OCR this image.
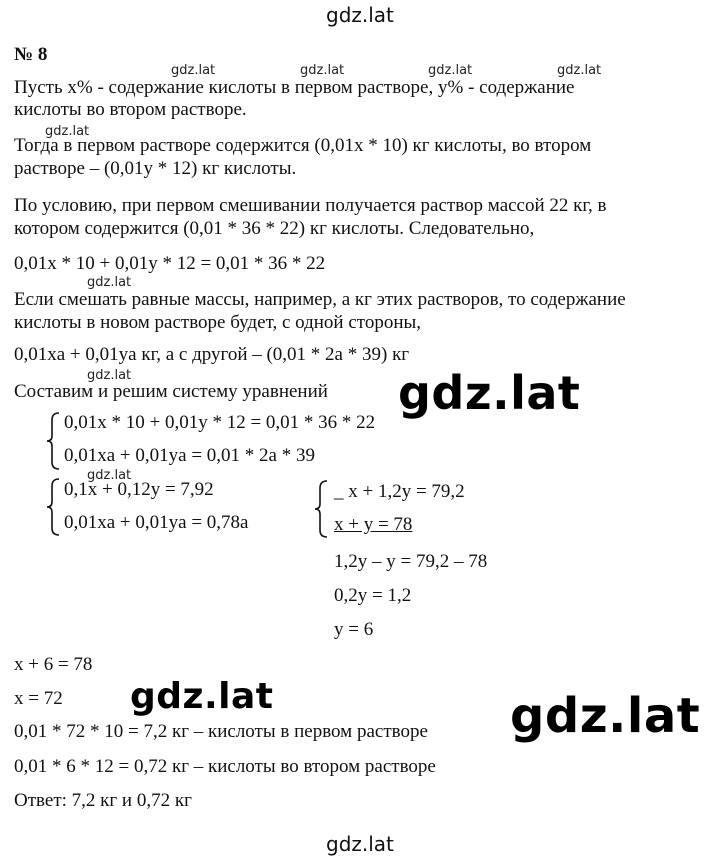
gdz.lat
№ 8
gdz.lat	gdz.lat	gdz.lat	gdz.lat
Пусть x% - содержание кислоты в первом растворе, y% - содержание
кислоты во втором растворе.
gdz.lat
Тогда в первом растворе содержится (0,01x * 10) кг кислоты, во втором
растворе – (0,01y * 12) кг кислоты.
По условию, при первом смешивании получается раствор массой 22 кг, в
котором содержится (0,01 * 36 * 22) кг кислоты. Следовательно,
0,01x * 10 + 0,01y * 12 = 0,01 * 36 * 22
gdz.lat
Если смешать равные массы, например, а кг этих растворов, то содержание
кислоты в новом растворе будет, с одной стороны,
0,01xa + 0,01ya кг, а с другой – (0,01 * 2a * 39) кг
gdz.lat
Составим и решим систему уравнений gdz.lat
0,01x * 10 + 0,01y * 12 = 0,01 * 36 * 22
0,01xa + 0,01ya = 0,01 * 2a * 39
gdz.lat
0,1x + 0,12y = 7,92
0,01xa + 0,01ya = 0,78a
_ x + 1,2y = 79,2
x + y = 78
1,2y – y = 79,2 – 78
0,2y = 1,2
y = 6
x + 6 = 78
x = 72 gdz.lat	gdz.lat
0,01 * 72 * 10 = 7,2 кг – кислоты в первом растворе
0,01 * 6 * 12 = 0,72 кг – кислоты во втором растворе
Ответ: 7,2 кг и 0,72 кг
gdz.lat
